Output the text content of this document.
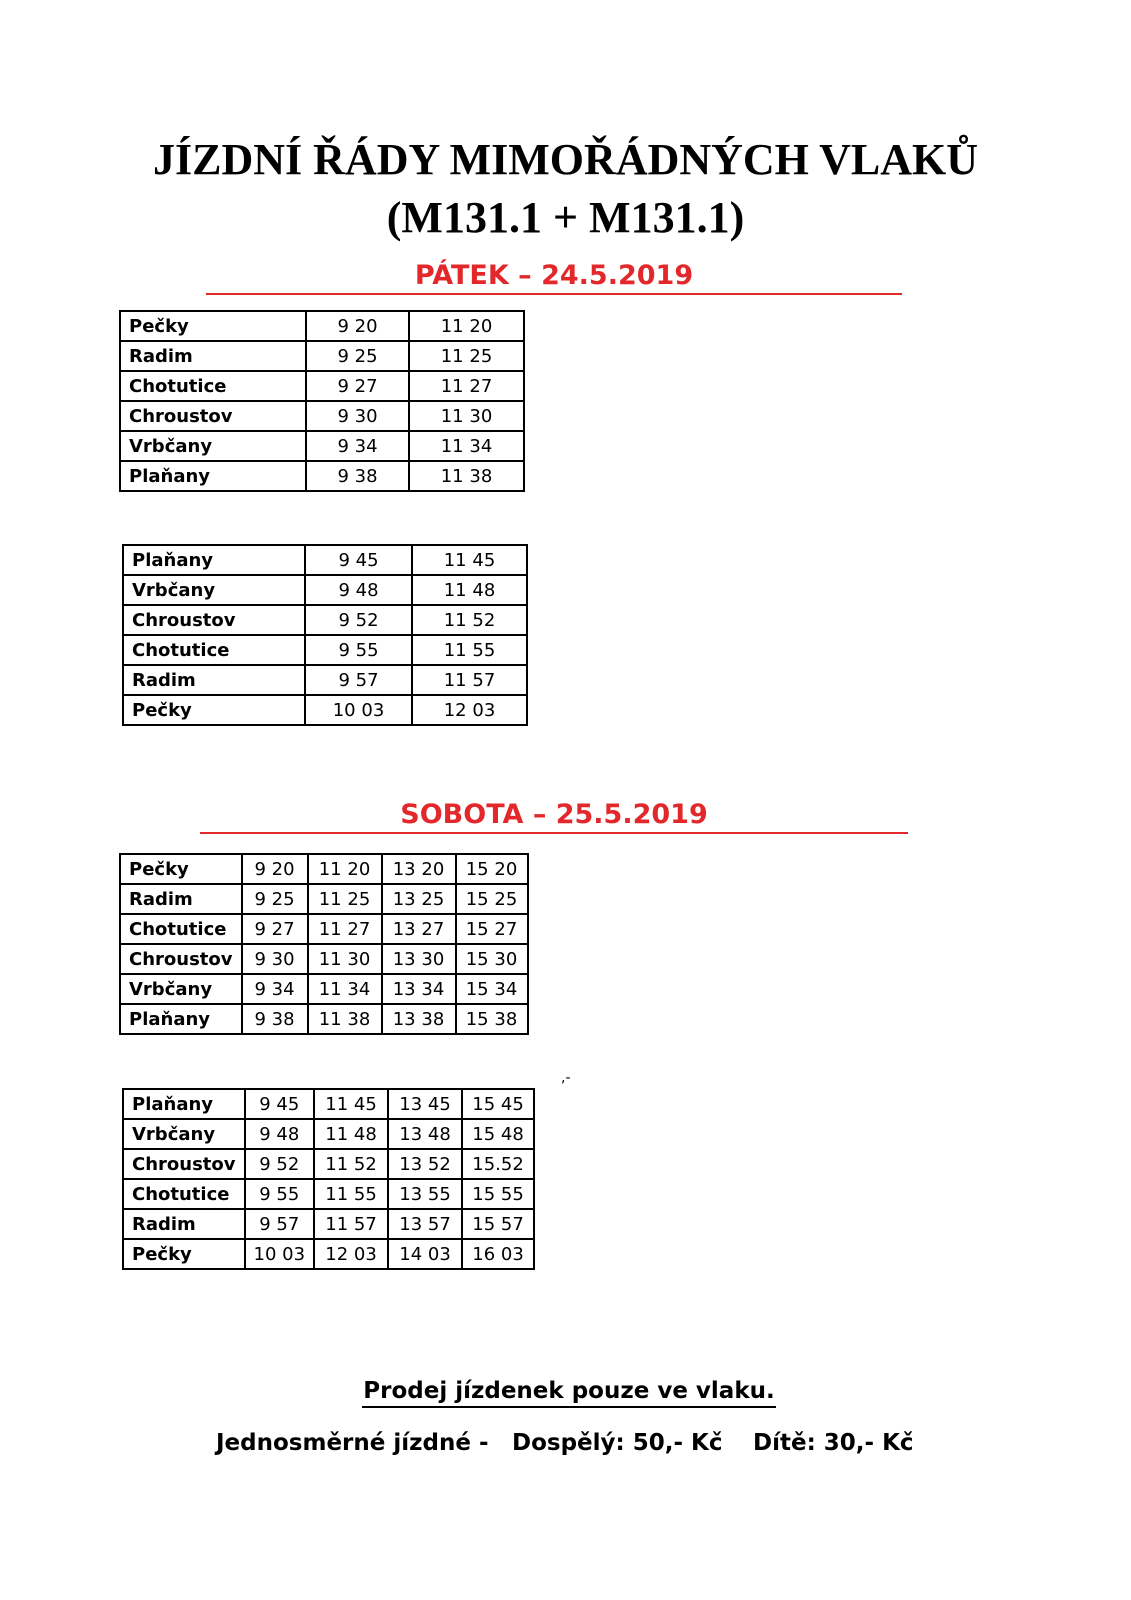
JÍZDNÍ ŘÁDY MIMOŘÁDNÝCH VLAKŮ
(M131.1 + M131.1)
PÁTEK – 24.5.2019
Pečky	9 20	11 20
Radim	9 25	11 25
Chotutice	9 27	11 27
Chroustov	9 30	11 30
Vrbčany	9 34	11 34
Plaňany	9 38	11 38
Plaňany	9 45	11 45
Vrbčany	9 48	11 48
Chroustov	9 52	11 52
Chotutice	9 55	11 55
Radim	9 57	11 57
Pečky	10 03	12 03
SOBOTA – 25.5.2019
Pečky	9 20	11 20	13 20	15 20
Radim	9 25	11 25	13 25	15 25
Chotutice	9 27	11 27	13 27	15 27
Chroustov	9 30	11 30	13 30	15 30
Vrbčany	9 34	11 34	13 34	15 34
Plaňany	9 38	11 38	13 38	15 38
Plaňany	9 45	11 45	13 45	15 45
Vrbčany	9 48	11 48	13 48	15 48
Chroustov	9 52	11 52	13 52	15.52
Chotutice	9 55	11 55	13 55	15 55
Radim	9 57	11 57	13 57	15 57
Pečky	10 03	12 03	14 03	16 03
,-
Prodej jízdenek pouze ve vlaku.
Jednosměrné jízdné - Dospělý: 50,- Kč Dítě: 30,- Kč
